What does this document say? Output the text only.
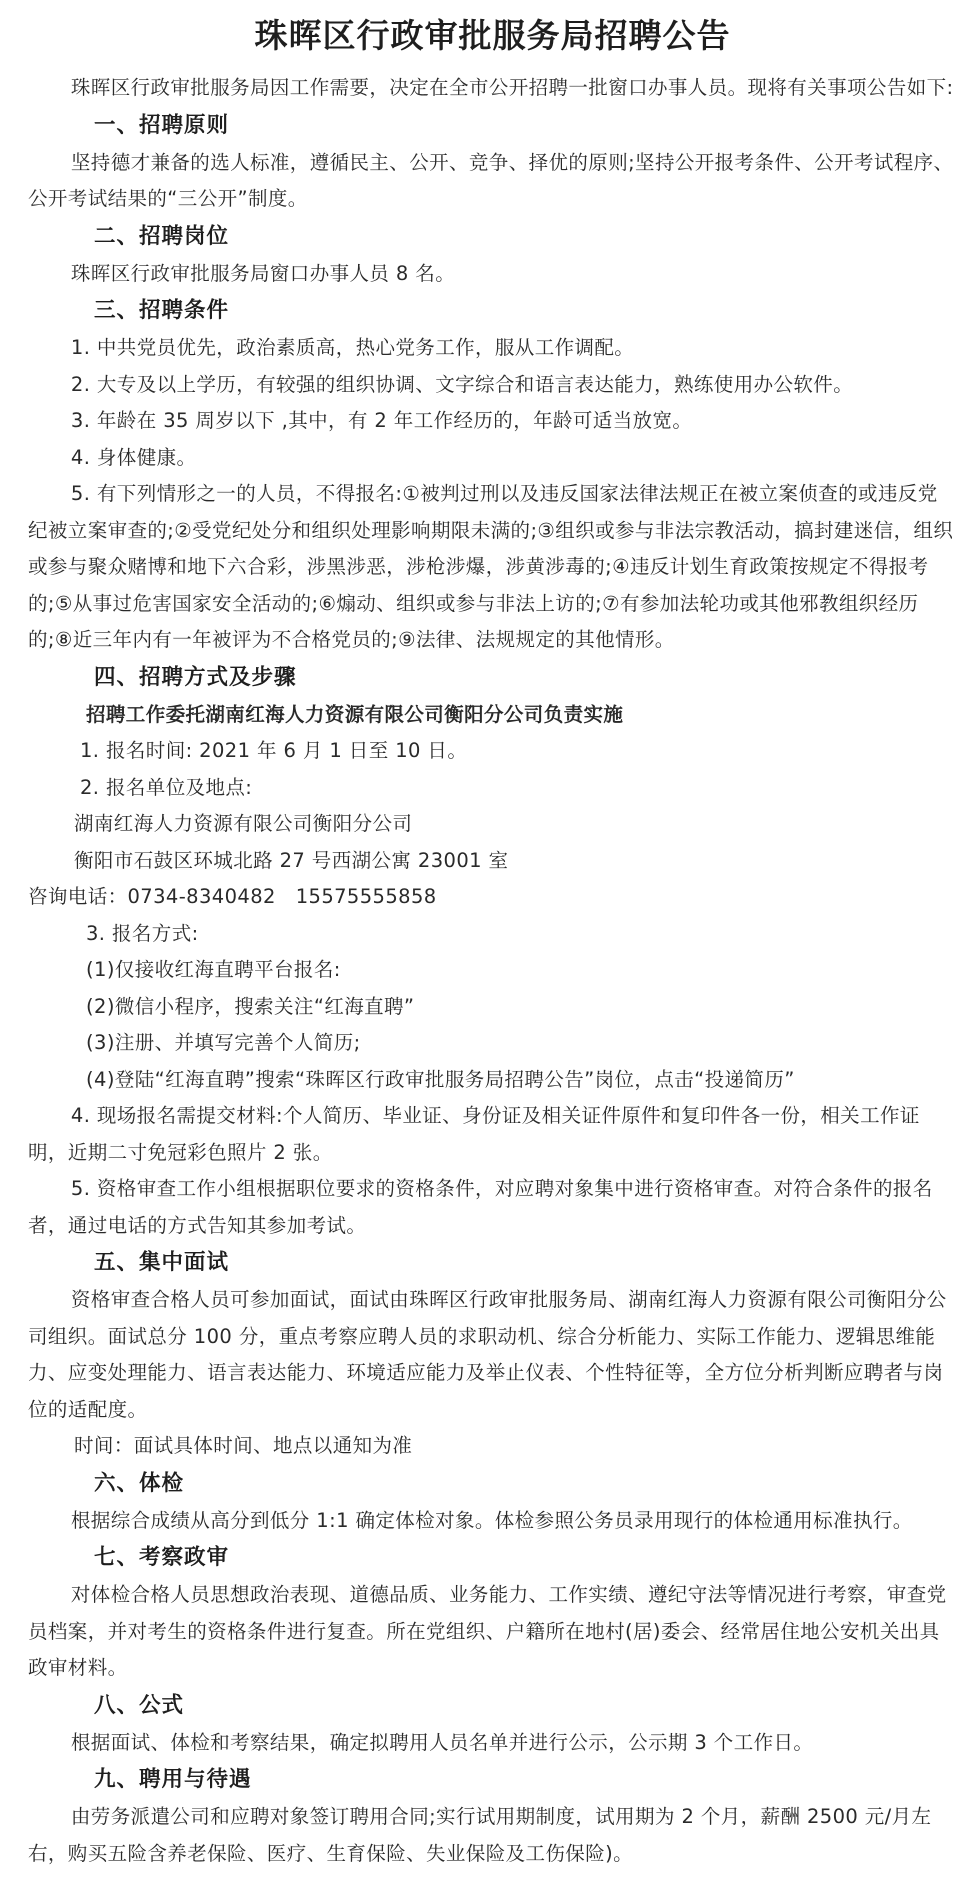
珠晖区行政审批服务局招聘公告

珠晖区行政审批服务局因工作需要，决定在全市公开招聘一批窗口办事人员。现将有关事项公告如下:

一、招聘原则

坚持德才兼备的选人标准，遵循民主、公开、竞争、择优的原则;坚持公开报考条件、公开考试程序、公开考试结果的“三公开”制度。

二、招聘岗位

珠晖区行政审批服务局窗口办事人员 8 名。

三、招聘条件

1. 中共党员优先，政治素质高，热心党务工作，服从工作调配。

2. 大专及以上学历，有较强的组织协调、文字综合和语言表达能力，熟练使用办公软件。

3. 年龄在 35 周岁以下 ,其中，有 2 年工作经历的，年龄可适当放宽。

4. 身体健康。

5. 有下列情形之一的人员，不得报名:①被判过刑以及违反国家法律法规正在被立案侦查的或违反党纪被立案审查的;②受党纪处分和组织处理影响期限未满的;③组织或参与非法宗教活动，搞封建迷信，组织或参与聚众赌博和地下六合彩，涉黑涉恶，涉枪涉爆，涉黄涉毒的;④违反计划生育政策按规定不得报考的;⑤从事过危害国家安全活动的;⑥煽动、组织或参与非法上访的;⑦有参加法轮功或其他邪教组织经历的;⑧近三年内有一年被评为不合格党员的;⑨法律、法规规定的其他情形。

四、招聘方式及步骤

招聘工作委托湖南红海人力资源有限公司衡阳分公司负责实施

1. 报名时间: 2021 年 6 月 1 日至 10 日。

2. 报名单位及地点:

湖南红海人力资源有限公司衡阳分公司

衡阳市石鼓区环城北路 27 号西湖公寓 23001 室

咨询电话：0734-8340482　15575555858

3. 报名方式:

(1)仅接收红海直聘平台报名:

(2)微信小程序，搜索关注“红海直聘”

(3)注册、并填写完善个人简历;

(4)登陆“红海直聘”搜索“珠晖区行政审批服务局招聘公告”岗位，点击“投递简历”

4. 现场报名需提交材料:个人简历、毕业证、身份证及相关证件原件和复印件各一份，相关工作证明，近期二寸免冠彩色照片 2 张。

5. 资格审查工作小组根据职位要求的资格条件，对应聘对象集中进行资格审查。对符合条件的报名者，通过电话的方式告知其参加考试。

五、集中面试

资格审查合格人员可参加面试，面试由珠晖区行政审批服务局、湖南红海人力资源有限公司衡阳分公司组织。面试总分 100 分，重点考察应聘人员的求职动机、综合分析能力、实际工作能力、逻辑思维能力、应变处理能力、语言表达能力、环境适应能力及举止仪表、个性特征等，全方位分析判断应聘者与岗位的适配度。

时间：面试具体时间、地点以通知为准

六、体检

根据综合成绩从高分到低分 1:1 确定体检对象。体检参照公务员录用现行的体检通用标准执行。

七、考察政审

对体检合格人员思想政治表现、道德品质、业务能力、工作实绩、遵纪守法等情况进行考察，审查党员档案，并对考生的资格条件进行复查。所在党组织、户籍所在地村(居)委会、经常居住地公安机关出具政审材料。

八、公式

根据面试、体检和考察结果，确定拟聘用人员名单并进行公示，公示期 3 个工作日。

九、聘用与待遇

由劳务派遣公司和应聘对象签订聘用合同;实行试用期制度，试用期为 2 个月，薪酬 2500 元/月左右，购买五险含养老保险、医疗、生育保险、失业保险及工伤保险)。
